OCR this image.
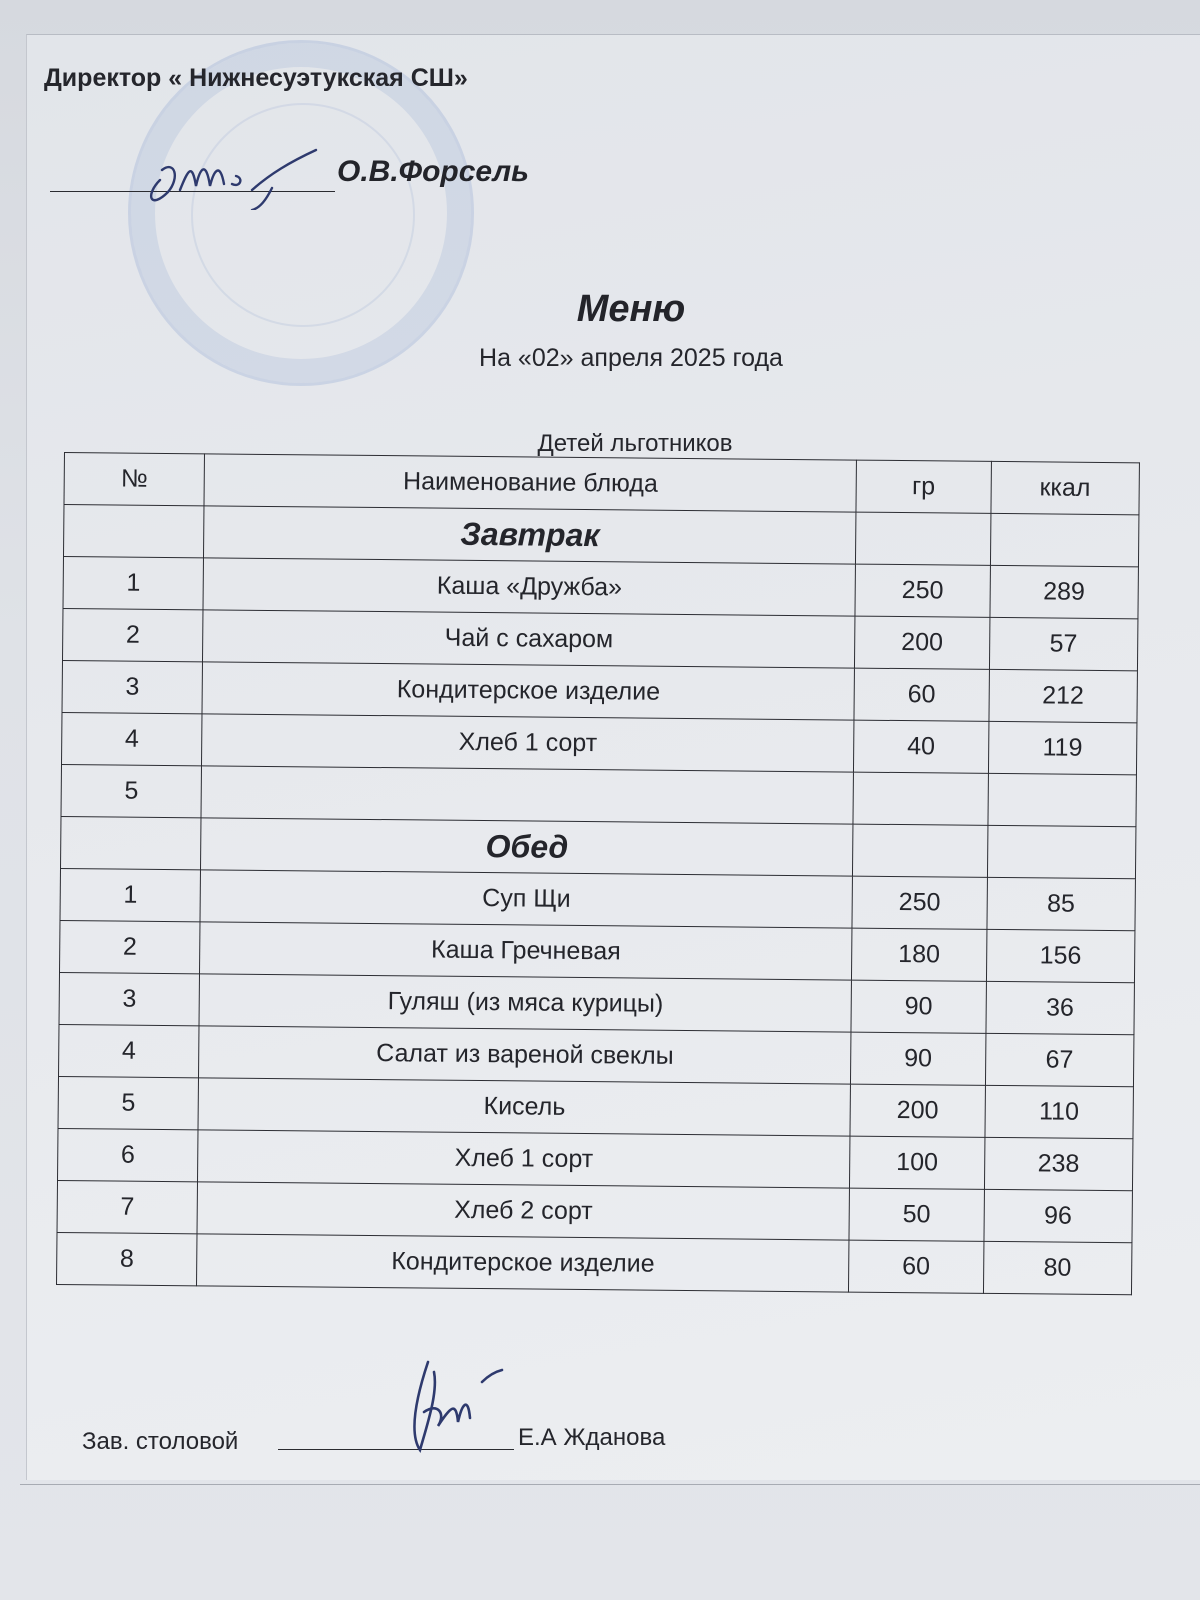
Директор « Нижнесуэтукская СШ»
О.В.Форсель
Меню
На «02» апреля 2025 года
Детей льготников
№	Наименование блюда	гр	ккал
	Завтрак		
1	Каша «Дружба»	250	289
2	Чай с сахаром	200	57
3	Кондитерское изделие	60	212
4	Хлеб 1 сорт	40	119
5			
	Обед		
1	Суп Щи	250	85
2	Каша Гречневая	180	156
3	Гуляш (из мяса курицы)	90	36
4	Салат из вареной свеклы	90	67
5	Кисель	200	110
6	Хлеб 1 сорт	100	238
7	Хлеб 2 сорт	50	96
8	Кондитерское изделие	60	80
Зав. столовой	Е.А Жданова
